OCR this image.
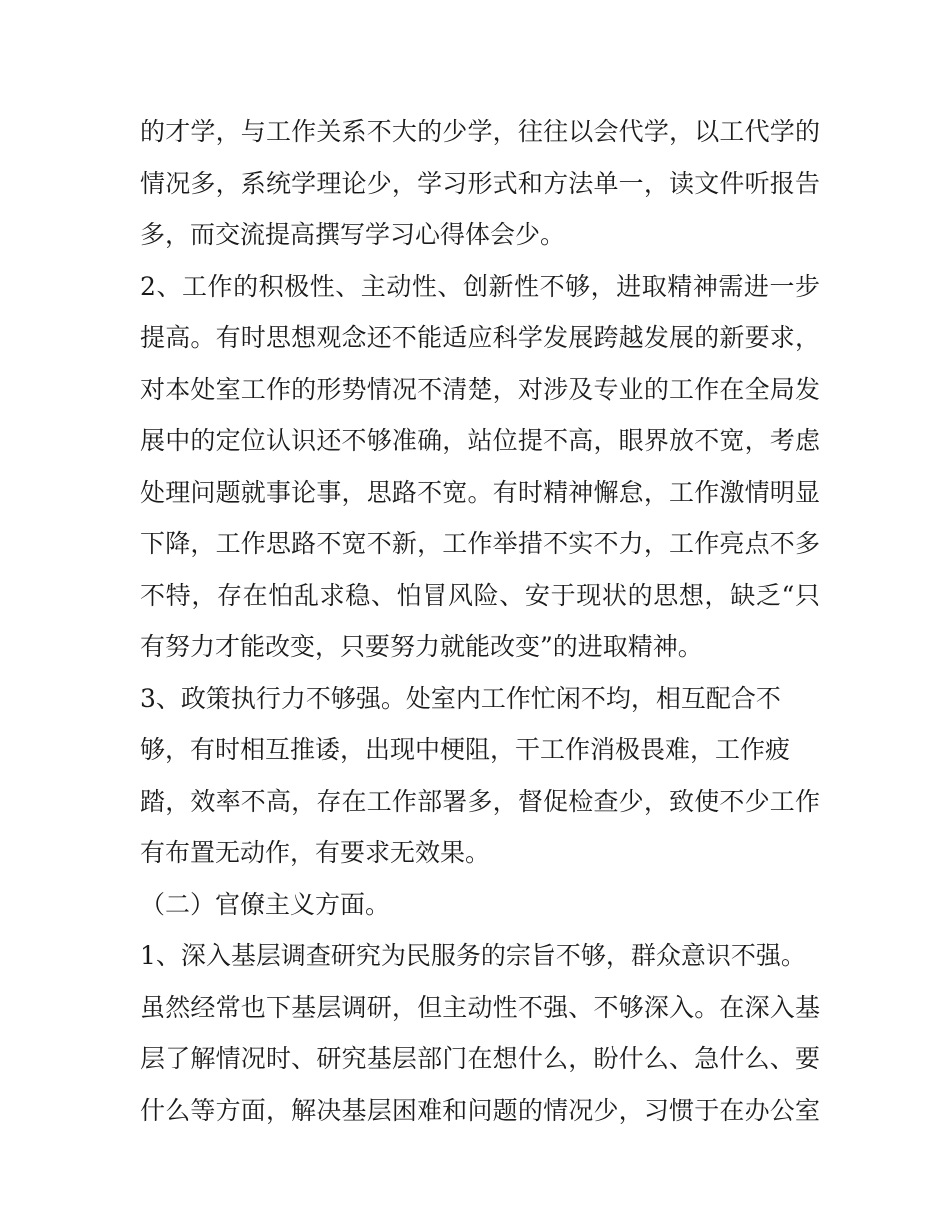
的才学，与工作关系不大的少学，往往以会代学，以工代学的
情况多，系统学理论少，学习形式和方法单一，读文件听报告
多，而交流提高撰写学习心得体会少。
2、工作的积极性、主动性、创新性不够，进取精神需进一步
提高。有时思想观念还不能适应科学发展跨越发展的新要求，
对本处室工作的形势情况不清楚，对涉及专业的工作在全局发
展中的定位认识还不够准确，站位提不高，眼界放不宽，考虑
处理问题就事论事，思路不宽。有时精神懈怠，工作激情明显
下降，工作思路不宽不新，工作举措不实不力，工作亮点不多
不特，存在怕乱求稳、怕冒风险、安于现状的思想，缺乏“只
有努力才能改变，只要努力就能改变”的进取精神。
3、政策执行力不够强。处室内工作忙闲不均，相互配合不
够，有时相互推诿，出现中梗阻，干工作消极畏难，工作疲
踏，效率不高，存在工作部署多，督促检查少，致使不少工作
有布置无动作，有要求无效果。
（二）官僚主义方面。
1、深入基层调查研究为民服务的宗旨不够，群众意识不强。
虽然经常也下基层调研，但主动性不强、不够深入。在深入基
层了解情况时、研究基层部门在想什么，盼什么、急什么、要
什么等方面，解决基层困难和问题的情况少，习惯于在办公室
